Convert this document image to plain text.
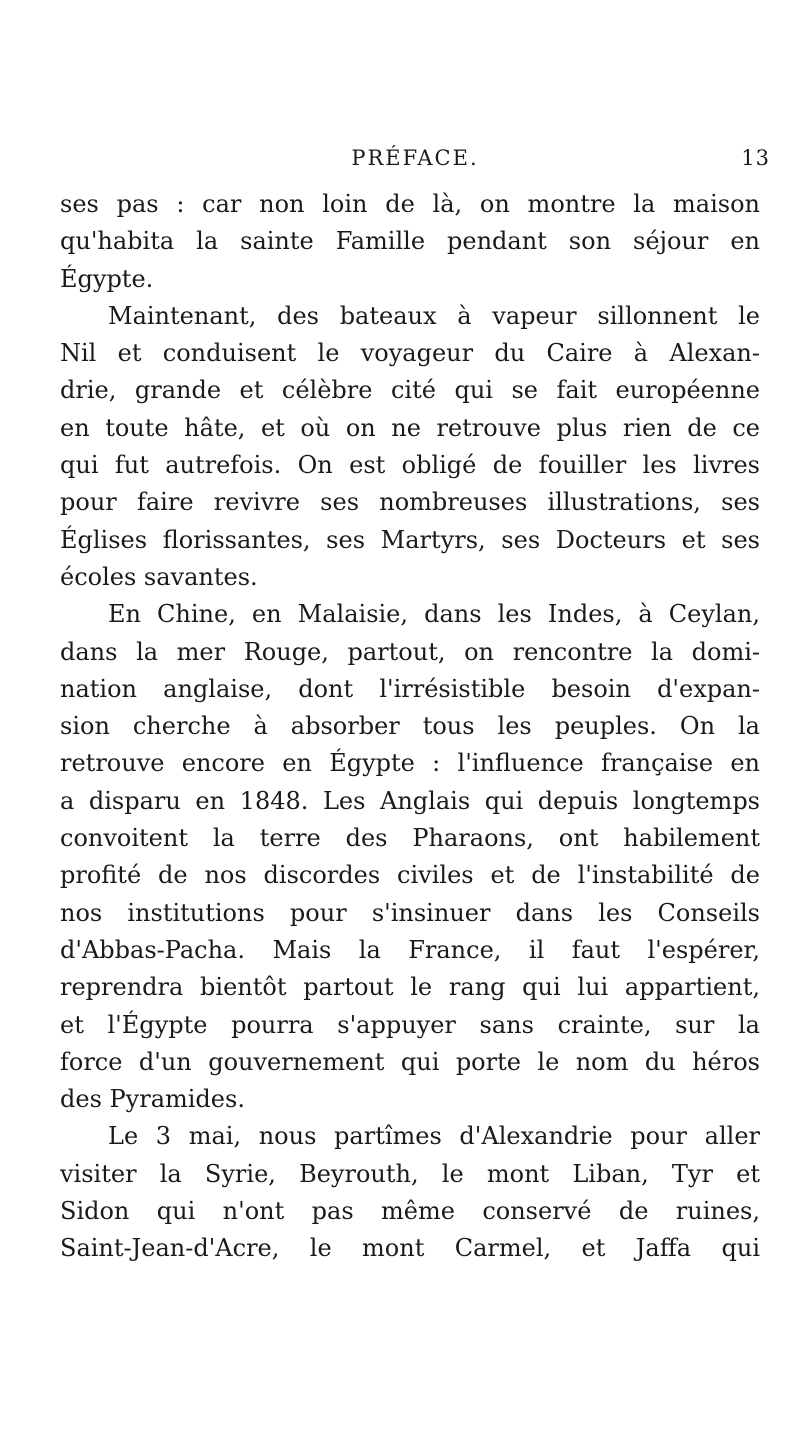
PRÉFACE.	13
ses pas : car non loin de là, on montre la maison
qu'habita la sainte Famille pendant son séjour en
Égypte.
Maintenant, des bateaux à vapeur sillonnent le
Nil et conduisent le voyageur du Caire à Alexan-
drie, grande et célèbre cité qui se fait européenne
en toute hâte, et où on ne retrouve plus rien de ce
qui fut autrefois. On est obligé de fouiller les livres
pour faire revivre ses nombreuses illustrations, ses
Églises florissantes, ses Martyrs, ses Docteurs et ses
écoles savantes.
En Chine, en Malaisie, dans les Indes, à Ceylan,
dans la mer Rouge, partout, on rencontre la domi-
nation anglaise, dont l'irrésistible besoin d'expan-
sion cherche à absorber tous les peuples. On la
retrouve encore en Égypte : l'influence française en
a disparu en 1848. Les Anglais qui depuis longtemps
convoitent la terre des Pharaons, ont habilement
profité de nos discordes civiles et de l'instabilité de
nos institutions pour s'insinuer dans les Conseils
d'Abbas-Pacha. Mais la France, il faut l'espérer,
reprendra bientôt partout le rang qui lui appartient,
et l'Égypte pourra s'appuyer sans crainte, sur la
force d'un gouvernement qui porte le nom du héros
des Pyramides.
Le 3 mai, nous partîmes d'Alexandrie pour aller
visiter la Syrie, Beyrouth, le mont Liban, Tyr et
Sidon qui n'ont pas même conservé de ruines,
Saint-Jean-d'Acre, le mont Carmel, et Jaffa qui
